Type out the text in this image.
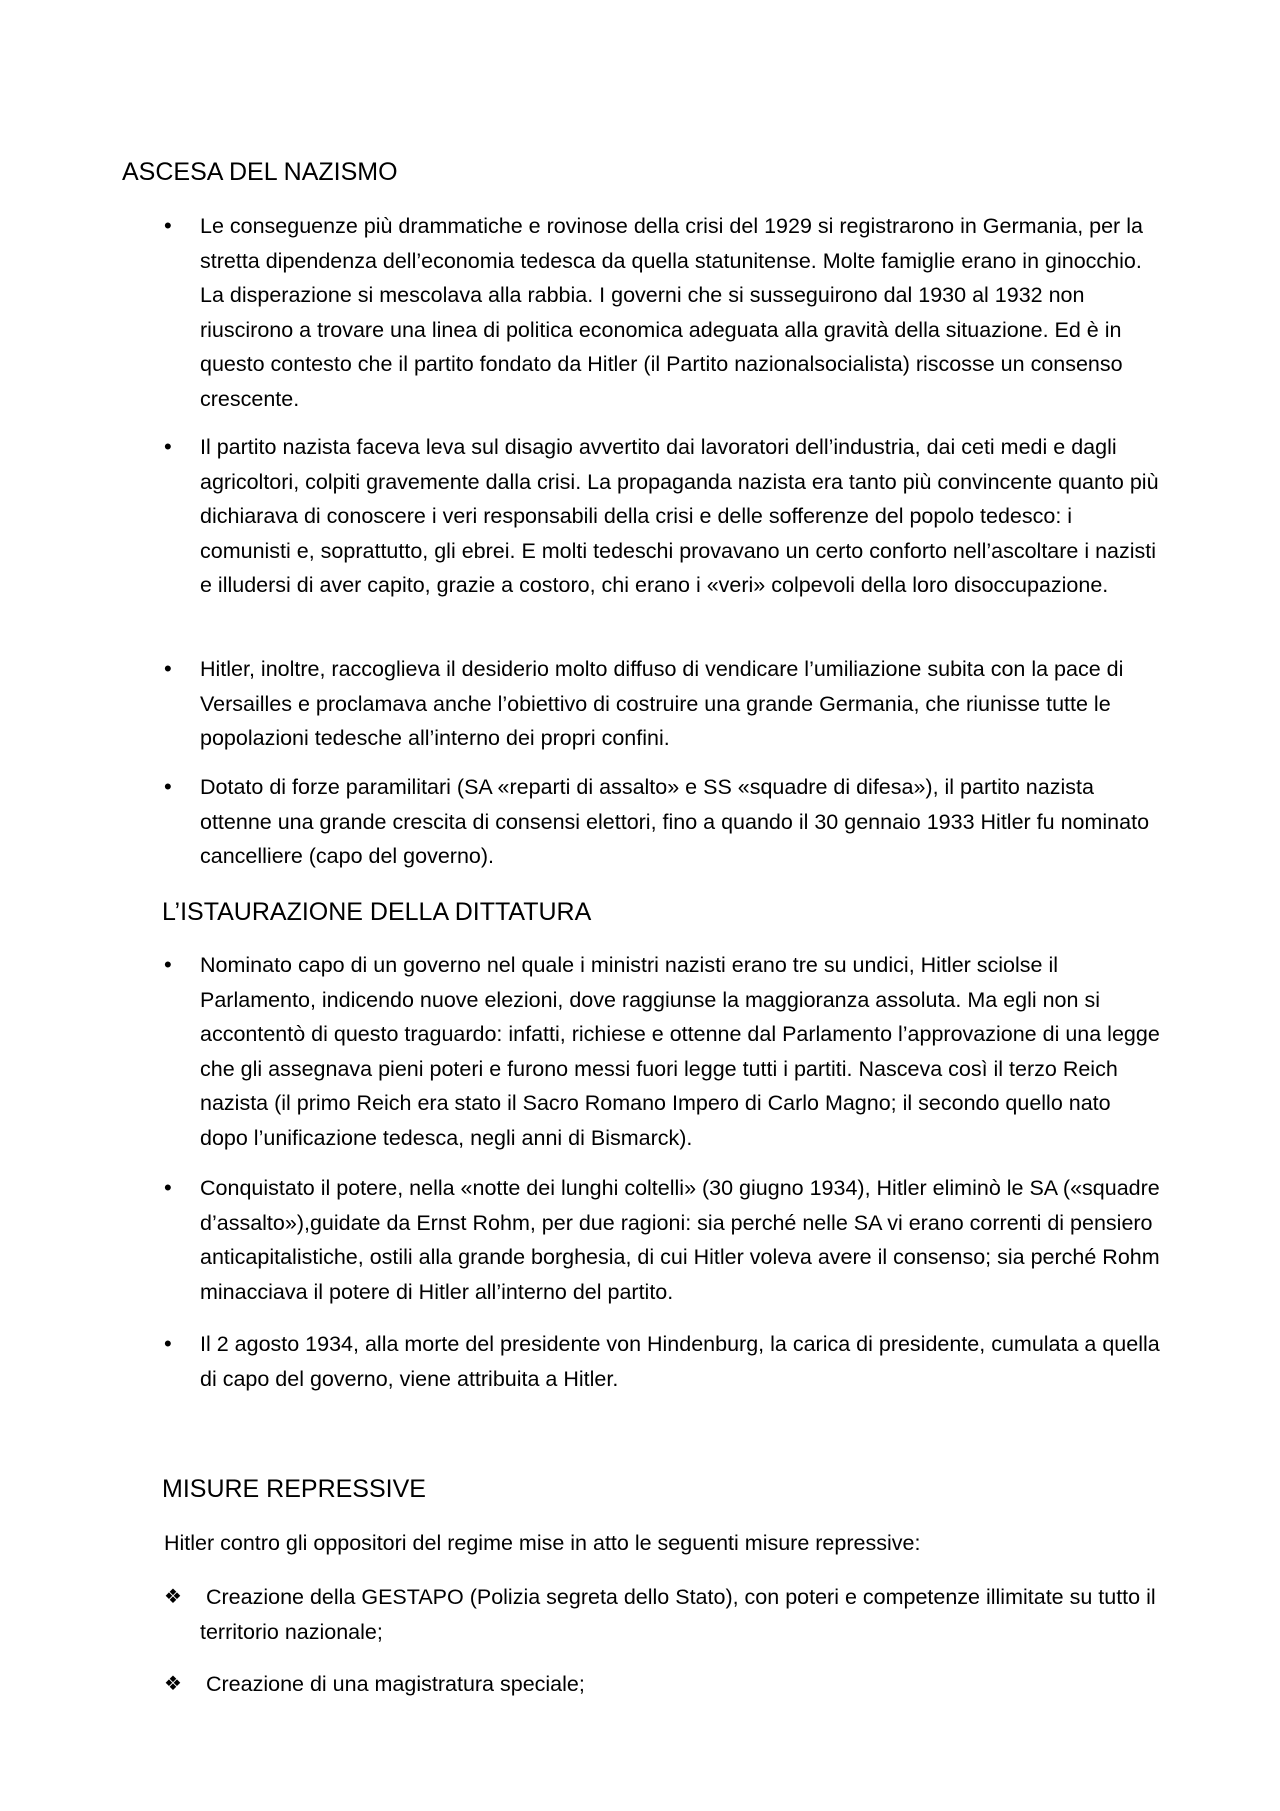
ASCESA DEL NAZISMO
• Le conseguenze più drammatiche e rovinose della crisi del 1929 si registrarono in Germania, per la stretta dipendenza dell’economia tedesca da quella statunitense. Molte famiglie erano in ginocchio. La disperazione si mescolava alla rabbia. I governi che si susseguirono dal 1930 al 1932 non riuscirono a trovare una linea di politica economica adeguata alla gravità della situazione. Ed è in questo contesto che il partito fondato da Hitler (il Partito nazionalsocialista) riscosse un consenso crescente.

• Il partito nazista faceva leva sul disagio avvertito dai lavoratori dell’industria, dai ceti medi e dagli agricoltori, colpiti gravemente dalla crisi. La propaganda nazista era tanto più convincente quanto più dichiarava di conoscere i veri responsabili della crisi e delle sofferenze del popolo tedesco: i comunisti e, soprattutto, gli ebrei. E molti tedeschi provavano un certo conforto nell’ascoltare i nazisti e illudersi di aver capito, grazie a costoro, chi erano i «veri» colpevoli della loro disoccupazione.

• Hitler, inoltre, raccoglieva il desiderio molto diffuso di vendicare l’umiliazione subita con la pace di Versailles e proclamava anche l’obiettivo di costruire una grande Germania, che riunisse tutte le popolazioni tedesche all’interno dei propri confini.

• Dotato di forze paramilitari (SA «reparti di assalto» e SS «squadre di difesa»), il partito nazista ottenne una grande crescita di consensi elettori, fino a quando il 30 gennaio 1933 Hitler fu nominato cancelliere (capo del governo).

L’ISTAURAZIONE DELLA DITTATURA
• Nominato capo di un governo nel quale i ministri nazisti erano tre su undici, Hitler sciolse il Parlamento, indicendo nuove elezioni, dove raggiunse la maggioranza assoluta. Ma egli non si accontentò di questo traguardo: infatti, richiese e ottenne dal Parlamento l’approvazione di una legge che gli assegnava pieni poteri e furono messi fuori legge tutti i partiti. Nasceva così il terzo Reich nazista (il primo Reich era stato il Sacro Romano Impero di Carlo Magno; il secondo quello nato dopo l’unificazione tedesca, negli anni di Bismarck).

• Conquistato il potere, nella «notte dei lunghi coltelli» (30 giugno 1934), Hitler eliminò le SA («squadre d’assalto»),guidate da Ernst Rohm, per due ragioni: sia perché nelle SA vi erano correnti di pensiero anticapitalistiche, ostili alla grande borghesia, di cui Hitler voleva avere il consenso; sia perché Rohm minacciava il potere di Hitler all’interno del partito.

• Il 2 agosto 1934, alla morte del presidente von Hindenburg, la carica di presidente, cumulata a quella di capo del governo, viene attribuita a Hitler.

MISURE REPRESSIVE

Hitler contro gli oppositori del regime mise in atto le seguenti misure repressive:

❖ Creazione della GESTAPO (Polizia segreta dello Stato), con poteri e competenze illimitate su tutto il territorio nazionale;

❖ Creazione di una magistratura speciale;
